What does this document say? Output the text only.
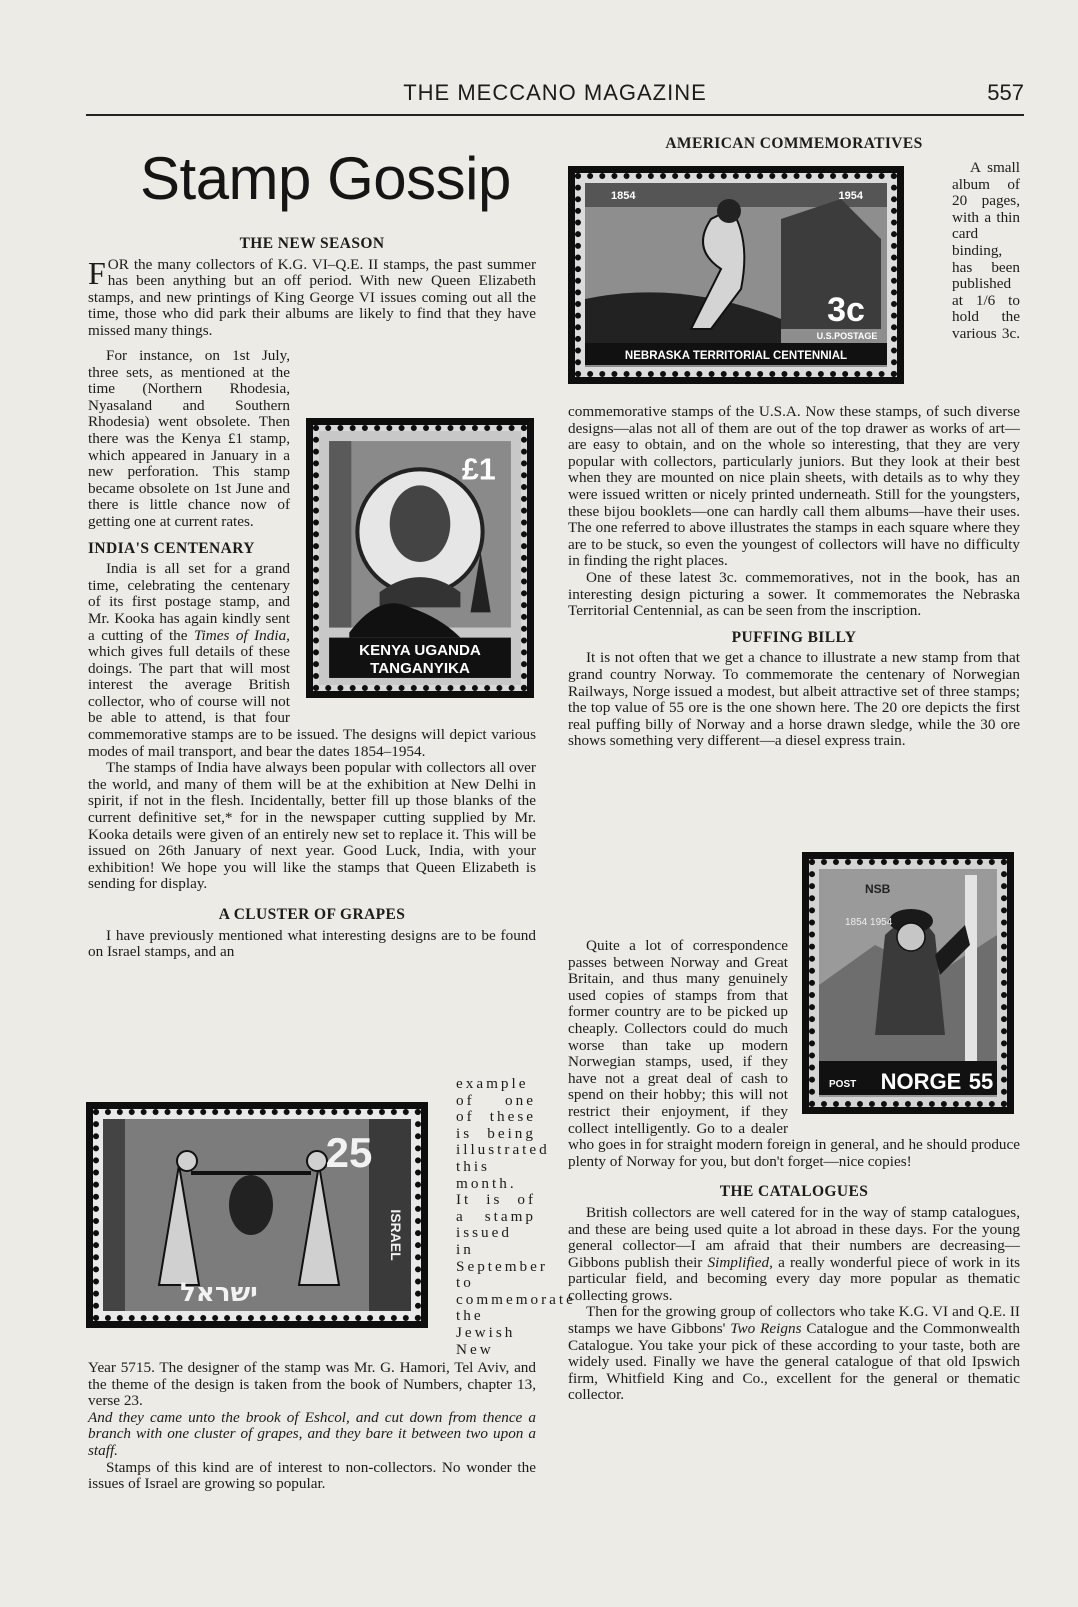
THE MECCANO MAGAZINE	557
Stamp Gossip
THE NEW SEASON

FOR the many collectors of K.G. VI–Q.E. II stamps, the past summer has been anything but an off period. With new Queen Elizabeth stamps, and new printings of King George VI issues coming out all the time, those who did park their albums are likely to find that they have missed many things.

£1
KENYA UGANDA
TANGANYIKA

For instance, on 1st July, three sets, as mentioned at the time (Northern Rhodesia, Nyasaland and Southern Rhodesia) went obsolete. Then there was the Kenya £1 stamp, which appeared in January in a new perforation. This stamp became obsolete on 1st June and there is little chance now of getting one at current rates.

INDIA'S CENTENARY

India is all set for a grand time, celebrating the centenary of its first postage stamp, and Mr. Kooka has again kindly sent a cutting of the Times of India, which gives full details of these doings. The part that will most interest the average British collector, who of course will not be able to attend, is that four commemorative stamps are to be issued. The designs will depict various modes of mail transport, and bear the dates 1854–1954.

The stamps of India have always been popular with collectors all over the world, and many of them will be at the exhibition at New Delhi in spirit, if not in the flesh. Incidentally, better fill up those blanks of the current definitive set,* for in the newspaper cutting supplied by Mr. Kooka details were given of an entirely new set to replace it. This will be issued on 26th January of next year. Good Luck, India, with your exhibition! We hope you will like the stamps that Queen Elizabeth is sending for display.

A CLUSTER OF GRAPES

I have previously mentioned what interesting designs are to be found on Israel stamps, and an

25
ISRAEL
ישראל
example of one of these is being illustrated this month. It is of a stamp issued in September to commemorate the Jewish New

Year 5715. The designer of the stamp was Mr. G. Hamori, Tel Aviv, and the theme of the design is taken from the book of Numbers, chapter 13, verse 23.

And they came unto the brook of Eshcol, and cut down from thence a branch with one cluster of grapes, and they bare it between two upon a staff.

Stamps of this kind are of interest to non-collectors. No wonder the issues of Israel are growing so popular.

AMERICAN COMMEMORATIVES
1854	1954
3c
U.S.POSTAGE
NEBRASKA TERRITORIAL CENTENNIAL

A small album of 20 pages, with a thin card binding, has been published at 1/6 to hold the various 3c. commemorative stamps of the U.S.A. Now these stamps, of such diverse designs—alas not all of them are out of the top drawer as works of art—are easy to obtain, and on the whole so interesting, that they are very popular with collectors, particularly juniors. But they look at their best when they are mounted on nice plain sheets, with details as to why they were issued written or nicely printed underneath. Still for the youngsters, these bijou booklets—one can hardly call them albums—have their uses. The one referred to above illustrates the stamps in each square where they are to be stuck, so even the youngest of collectors will have no difficulty in finding the right places.

One of these latest 3c. commemoratives, not in the book, has an interesting design picturing a sower. It commemorates the Nebraska Territorial Centennial, as can be seen from the inscription.

PUFFING BILLY

It is not often that we get a chance to illustrate a new stamp from that grand country Norway. To commemorate the centenary of Norwegian Railways, Norge issued a modest, but albeit attractive set of three stamps; the top value of 55 ore is the one shown here. The 20 ore depicts the first real puffing billy of Norway and a horse drawn sledge, while the 30 ore shows something very different—a diesel express train.

NSB
1854 1954
POST NORGE 55

Quite a lot of correspondence passes between Norway and Great Britain, and thus many genuinely used copies of stamps from that former country are to be picked up cheaply. Collectors could do much worse than take up modern Norwegian stamps, used, if they have not a great deal of cash to spend on their hobby; this will not restrict their enjoyment, if they collect intelligently. Go to a dealer who goes in for straight modern foreign in general, and he should produce plenty of Norway for you, but don't forget—nice copies!

THE CATALOGUES

British collectors are well catered for in the way of stamp catalogues, and these are being used quite a lot abroad in these days. For the young general collector—I am afraid that their numbers are decreasing—Gibbons publish their Simplified, a really wonderful piece of work in its particular field, and becoming every day more popular as thematic collecting grows.

Then for the growing group of collectors who take K.G. VI and Q.E. II stamps we have Gibbons' Two Reigns Catalogue and the Commonwealth Catalogue. You take your pick of these according to your taste, both are widely used. Finally we have the general catalogue of that old Ipswich firm, Whitfield King and Co., excellent for the general or thematic collector.
